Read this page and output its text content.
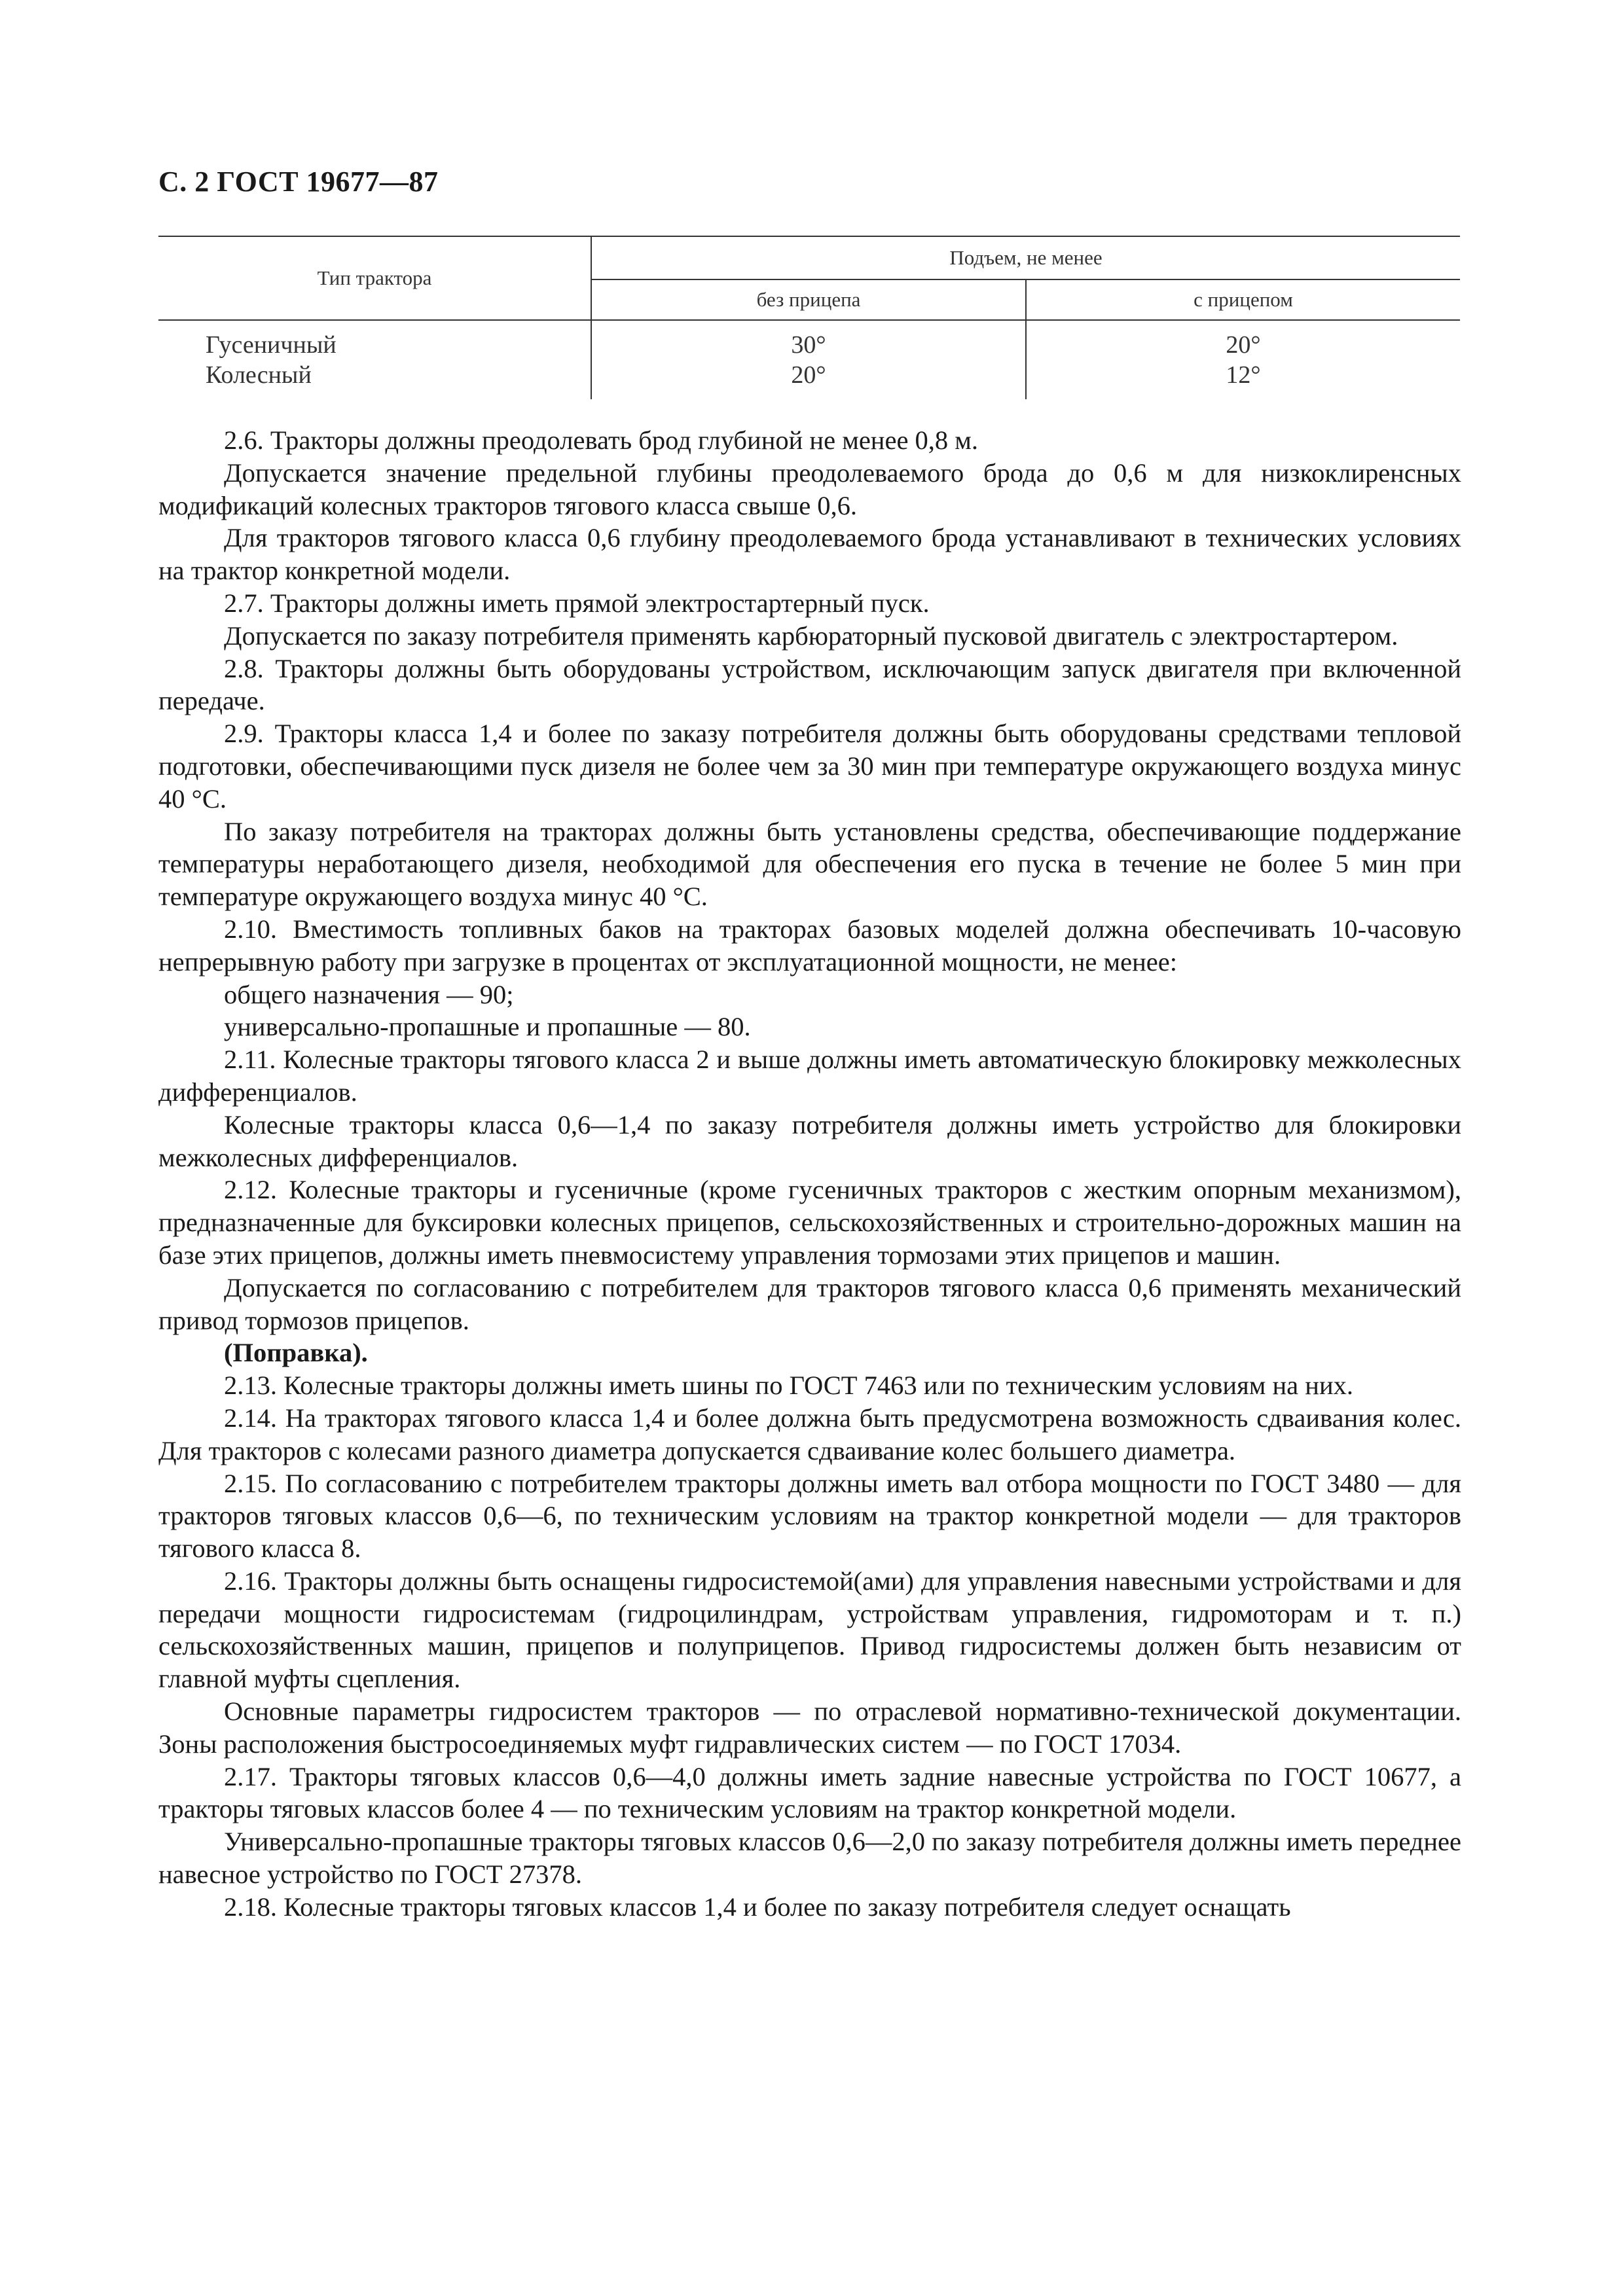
С. 2 ГОСТ 19677—87
Тип трактора	Подъем, не менее	
	без прицепа	с прицепом
Гусеничный	30°	20°
Колесный	20°	12°

2.6. Тракторы должны преодолевать брод глубиной не менее 0,8 м.

Допускается значение предельной глубины преодолеваемого брода до 0,6 м для низкоклиренсных модификаций колесных тракторов тягового класса свыше 0,6.

Для тракторов тягового класса 0,6 глубину преодолеваемого брода устанавливают в технических условиях на трактор конкретной модели.

2.7. Тракторы должны иметь прямой электростартерный пуск.

Допускается по заказу потребителя применять карбюраторный пусковой двигатель с электростартером.

2.8. Тракторы должны быть оборудованы устройством, исключающим запуск двигателя при включенной передаче.

2.9. Тракторы класса 1,4 и более по заказу потребителя должны быть оборудованы средствами тепловой подготовки, обеспечивающими пуск дизеля не более чем за 30 мин при температуре окружающего воздуха минус 40 °С.

По заказу потребителя на тракторах должны быть установлены средства, обеспечивающие поддержание температуры неработающего дизеля, необходимой для обеспечения его пуска в течение не более 5 мин при температуре окружающего воздуха минус 40 °С.

2.10. Вместимость топливных баков на тракторах базовых моделей должна обеспечивать 10-часовую непрерывную работу при загрузке в процентах от эксплуатационной мощности, не менее:

общего назначения — 90;

универсально-пропашные и пропашные — 80.

2.11. Колесные тракторы тягового класса 2 и выше должны иметь автоматическую блокировку межколесных дифференциалов.

Колесные тракторы класса 0,6—1,4 по заказу потребителя должны иметь устройство для блокировки межколесных дифференциалов.

2.12. Колесные тракторы и гусеничные (кроме гусеничных тракторов с жестким опорным механизмом), предназначенные для буксировки колесных прицепов, сельскохозяйственных и строительно-дорожных машин на базе этих прицепов, должны иметь пневмосистему управления тормозами этих прицепов и машин.

Допускается по согласованию с потребителем для тракторов тягового класса 0,6 применять механический привод тормозов прицепов.

(Поправка).

2.13. Колесные тракторы должны иметь шины по ГОСТ 7463 или по техническим условиям на них.

2.14. На тракторах тягового класса 1,4 и более должна быть предусмотрена возможность сдваивания колес. Для тракторов с колесами разного диаметра допускается сдваивание колес большего диаметра.

2.15. По согласованию с потребителем тракторы должны иметь вал отбора мощности по ГОСТ 3480 — для тракторов тяговых классов 0,6—6, по техническим условиям на трактор конкретной модели — для тракторов тягового класса 8.

2.16. Тракторы должны быть оснащены гидросистемой(ами) для управления навесными устройствами и для передачи мощности гидросистемам (гидроцилиндрам, устройствам управления, гидромоторам и т. п.) сельскохозяйственных машин, прицепов и полуприцепов. Привод гидросистемы должен быть независим от главной муфты сцепления.

Основные параметры гидросистем тракторов — по отраслевой нормативно-технической документации. Зоны расположения быстросоединяемых муфт гидравлических систем — по ГОСТ 17034.

2.17. Тракторы тяговых классов 0,6—4,0 должны иметь задние навесные устройства по ГОСТ 10677, а тракторы тяговых классов более 4 — по техническим условиям на трактор конкретной модели.

Универсально-пропашные тракторы тяговых классов 0,6—2,0 по заказу потребителя должны иметь переднее навесное устройство по ГОСТ 27378.

2.18. Колесные тракторы тяговых классов 1,4 и более по заказу потребителя следует оснащать
